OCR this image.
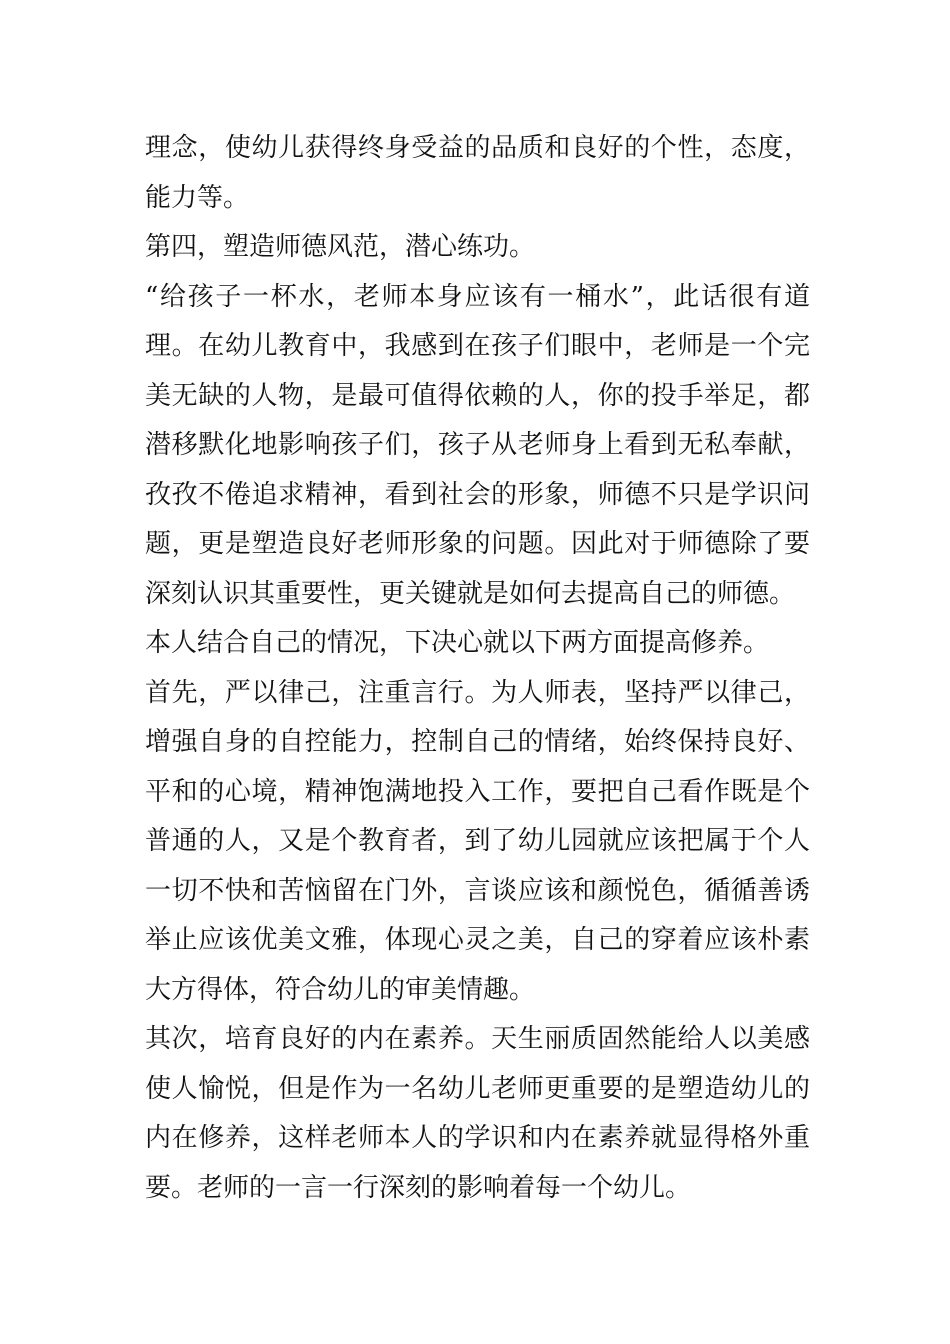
理念，使幼儿获得终身受益的品质和良好的个性，态度，能力等。

第四，塑造师德风范，潜心练功。

“给孩子一杯水，老师本身应该有一桶水”，此话很有道理。在幼儿教育中，我感到在孩子们眼中，老师是一个完美无缺的人物，是最可值得依赖的人，你的投手举足，都潜移默化地影响孩子们，孩子从老师身上看到无私奉献，孜孜不倦追求精神，看到社会的形象，师德不只是学识问题，更是塑造良好老师形象的问题。因此对于师德除了要深刻认识其重要性，更关键就是如何去提高自己的师德。

本人结合自己的情况，下决心就以下两方面提高修养。

首先，严以律己，注重言行。为人师表，坚持严以律己，增强自身的自控能力，控制自己的情绪，始终保持良好、平和的心境，精神饱满地投入工作，要把自己看作既是个普通的人，又是个教育者，到了幼儿园就应该把属于个人一切不快和苦恼留在门外，言谈应该和颜悦色，循循善诱举止应该优美文雅，体现心灵之美，自己的穿着应该朴素大方得体，符合幼儿的审美情趣。

其次，培育良好的内在素养。天生丽质固然能给人以美感使人愉悦，但是作为一名幼儿老师更重要的是塑造幼儿的内在修养，这样老师本人的学识和内在素养就显得格外重要。老师的一言一行深刻的影响着每一个幼儿。
